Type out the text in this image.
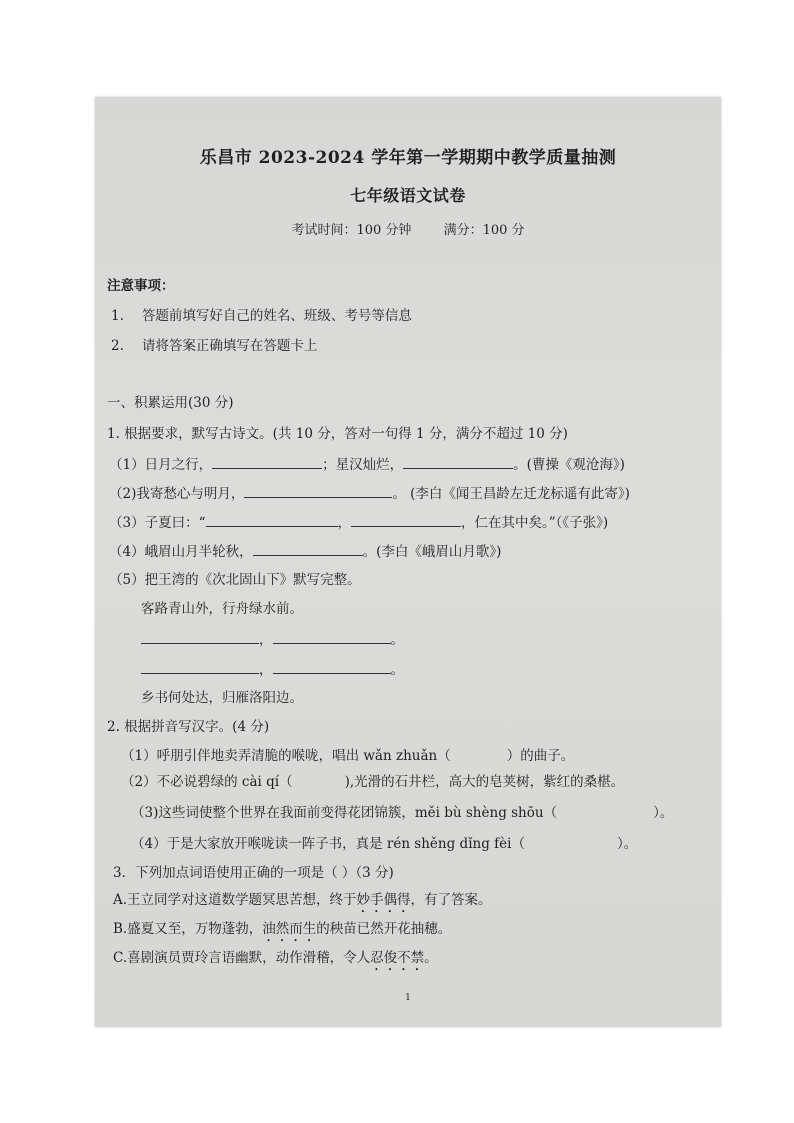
乐昌市 2023-2024 学年第一学期期中教学质量抽测
七年级语文试卷
考试时间：100 分钟 满分：100 分
注意事项：
1. 答题前填写好自己的姓名、班级、考号等信息
2. 请将答案正确填写在答题卡上
一、积累运用(30 分)
1. 根据要求，默写古诗文。(共 10 分，答对一句得 1 分，满分不超过 10 分)
（1）日月之行，	；星汉灿烂，	。(曹操《观沧海》)
（2)我寄愁心与明月，	。 (李白《闻王昌龄左迁龙标遥有此寄》)
（3）子夏曰：“	，	，仁在其中矣。”（《子张》)
（4）峨眉山月半轮秋，	。(李白《峨眉山月歌》)
（5）把王湾的《次北固山下》默写完整。
客路青山外，行舟绿水前。
，	。
，	。
乡书何处达，归雁洛阳边。
2. 根据拼音写汉字。(4 分)
（1）呼朋引伴地卖弄清脆的喉咙，唱出 wǎn zhuǎn（	）的曲子。
（2）不必说碧绿的 cài qí（	),光滑的石井栏，高大的皂荚树，紫红的桑椹。
（3)这些词使整个世界在我面前变得花团锦簇，měi bù shèng shōu（	）。
（4）于是大家放开喉咙读一阵子书，真是 rén shěng dǐng fèi（	）。
3．下列加点词语使用正确的一项是（ ）（3 分)
A.王立同学对这道数学题冥思苦想，终于妙手偶得，有了答案。
B.盛夏又至，万物蓬勃，油然而生的秧苗已然开花抽穗。
C.喜剧演员贾玲言语幽默，动作滑稽，令人忍俊不禁。
1
